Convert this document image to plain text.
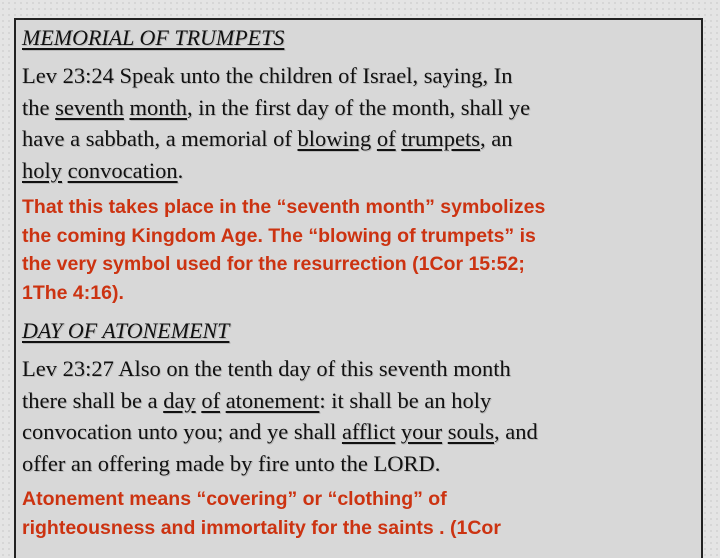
MEMORIAL OF TRUMPETS
Lev 23:24 Speak unto the children of Israel, saying, In
the seventh month, in the first day of the month, shall ye
have a sabbath, a memorial of blowing of trumpets, an
holy convocation.
That this takes place in the “seventh month” symbolizes
the coming Kingdom Age. The “blowing of trumpets” is
the very symbol used for the resurrection (1Cor 15:52;
1The 4:16).
DAY OF ATONEMENT
Lev 23:27 Also on the tenth day of this seventh month
there shall be a day of atonement: it shall be an holy
convocation unto you; and ye shall afflict your souls, and
offer an offering made by fire unto the LORD.
Atonement means “covering” or “clothing” of
righteousness and immortality for the saints . (1Cor
